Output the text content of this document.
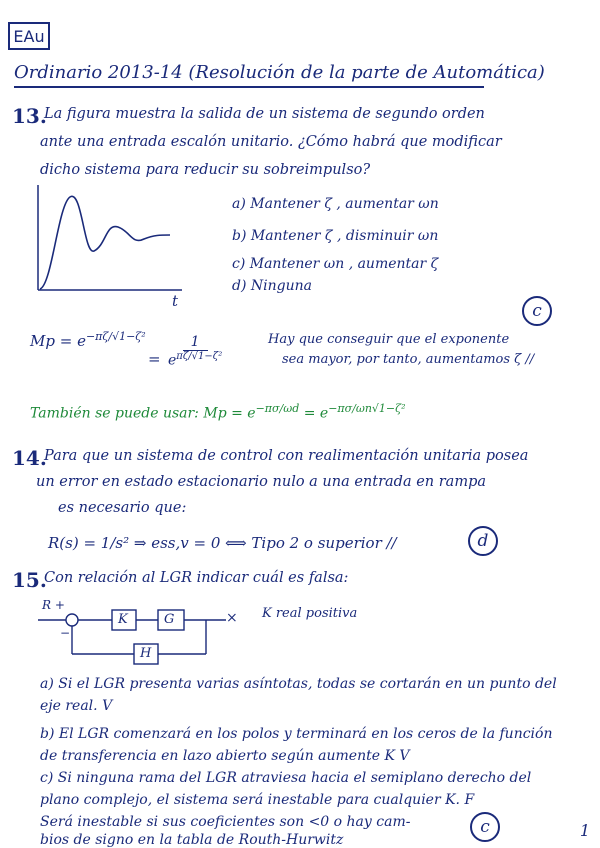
EAu
Ordinario 2013-14 (Resolución de la parte de Automática)
13.
La figura muestra la salida de un sistema de segundo orden
ante una entrada escalón unitario. ¿Cómo habrá que modificar
dicho sistema para reducir su sobreimpulso?
t
a) Mantener ζ , aumentar ωn
b) Mantener ζ , disminuir ωn
c) Mantener ωn , aumentar ζ
d) Ninguna
c
$Mp = e^{-\pi\zeta/√1-\zeta^2}$
= $\frac{1}{e^{\pi\zeta/√1-\zeta^2}}$	Hay que conseguir que el exponente
sea mayor, por tanto, aumentamos ζ //
También se puede usar: $Mp = e^{-\pi\sigma/\omega d} = e^{-\pi\sigma/\omega n√1-\zeta^2}$
14.
Para que un sistema de control con realimentación unitaria posea
un error en estado estacionario nulo a una entrada en rampa
es necesario que:
R(s) = 1/s² ⇒ ess,v = 0 ⟺ Tipo 2 o superior //	d
15.
Con relación al LGR indicar cuál es falsa:
R +
−
K	G
H
× K real positiva
a) Si el LGR presenta varias asíntotas, todas se cortarán en un punto del
eje real. V
b) El LGR comenzará en los polos y terminará en los ceros de la función
de transferencia en lazo abierto según aumente K V
c) Si ninguna rama del LGR atraviesa hacia el semiplano derecho del
plano complejo, el sistema será inestable para cualquier K. F
Será inestable si sus coeficientes son <0 o hay cam-
bios de signo en la tabla de Routh-Hurwitz
c	1
